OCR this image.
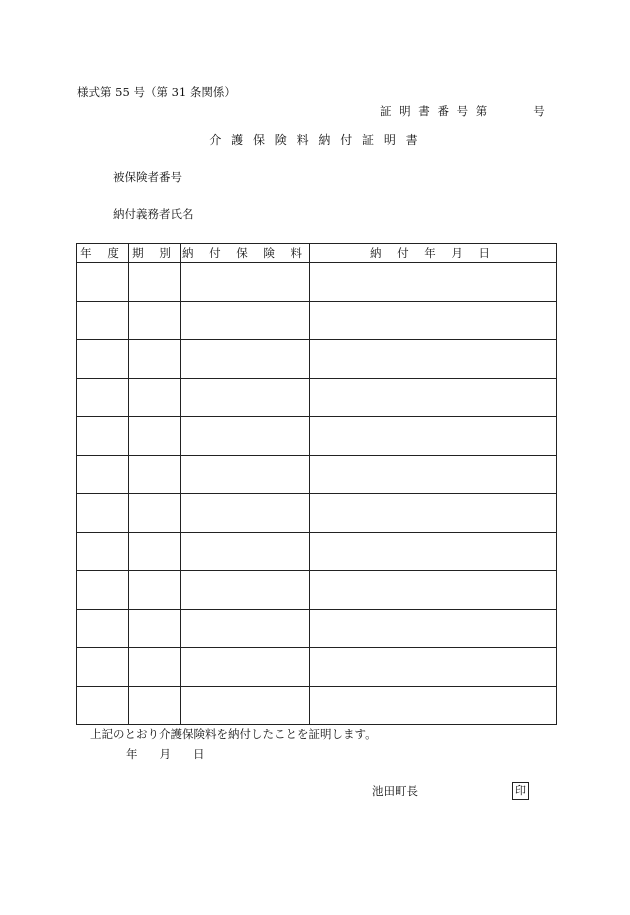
様式第 55 号（第 31 条関係）
証 明 書 番 号 第	号
介 護 保 険 料 納 付 証 明 書
被保険者番号
納付義務者氏名
年 度	期 別	納 付 保 険 料	納 付 年 月 日

上記のとおり介護保険料を納付したことを証明します。
年 月 日
池田町長	印
